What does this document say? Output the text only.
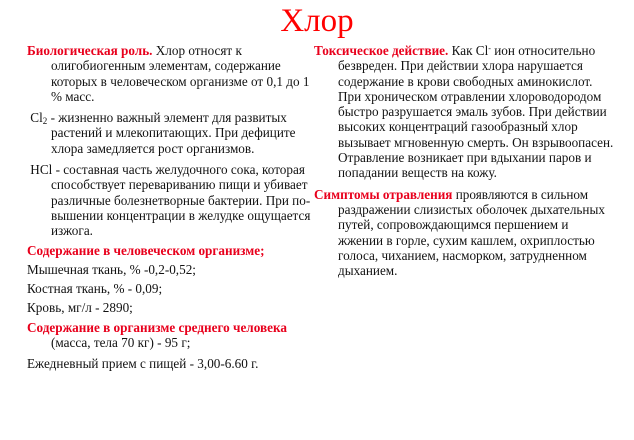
Хлор

Биологическая роль. Хлор относят к олигобиогенным элементам, содержание которых в человеческом организме от 0,1 до 1 % масс.

$Cl_2$ - жизненно важный элемент для развитых растений и млекопитающих. При дефиците хлора замедляется рост организмов.

HCl - составная часть желудочного сока, которая способствует перевариванию пищи и убивает различные болезнетворные бактерии. При по-вышении концентрации в желудке ощущается изжога.

Содержание в человеческом организме;

Мышечная ткань, % -0,2-0,52;

Костная ткань, % - 0,09;

Кровь, мг/л - 2890;

Содержание в организме среднего человека (масса, тела 70 кг) - 95 г;

Ежедневный прием с пищей - 3,00-6.60 г.

Токсическое действие. Как Cl- ион относительно безвреден. При действии хлора нарушается содержание в крови свободных аминокислот. При хроническом отравлении хлороводородом быстро разрушается эмаль зубов. При действии высоких концентраций газообразный хлор вызывает мгновенную смерть. Он взрывоопасен. Отравление возникает при вдыхании паров и попадании веществ на кожу.

Симптомы отравления проявляются в сильном раздражении слизистых оболочек дыхательных путей, сопровождающимся першением и жжении в горле, сухим кашлем, охриплостью голоса, чиханием, насморком, затрудненном дыханием.
